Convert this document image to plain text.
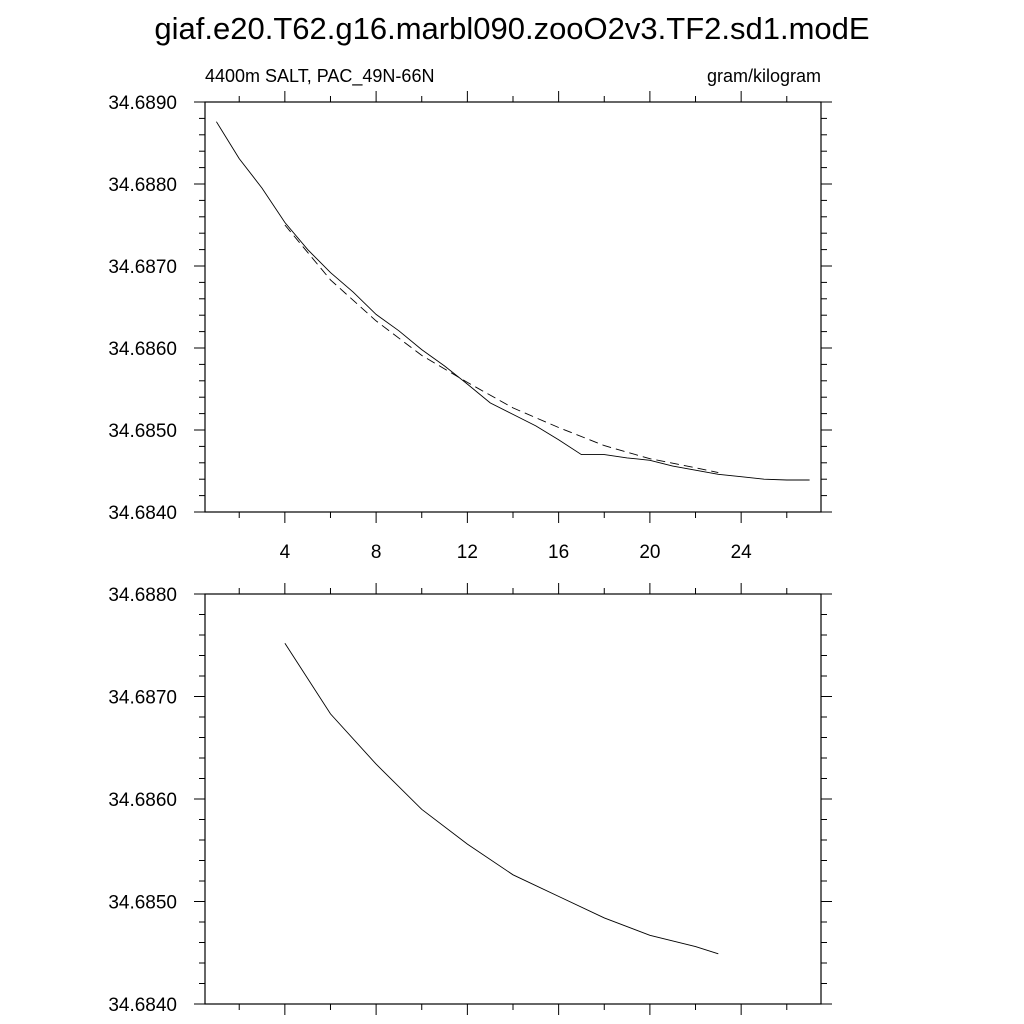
giaf.e20.T62.g16.marbl090.zooO2v3.TF2.sd1.modE
4400m SALT, PAC_49N-66N	gram/kilogram
4	8	12	16	20	24
34.6840
34.6850
34.6860
34.6870
34.6880
34.6890
34.6840
34.6850
34.6860
34.6870
34.6880
